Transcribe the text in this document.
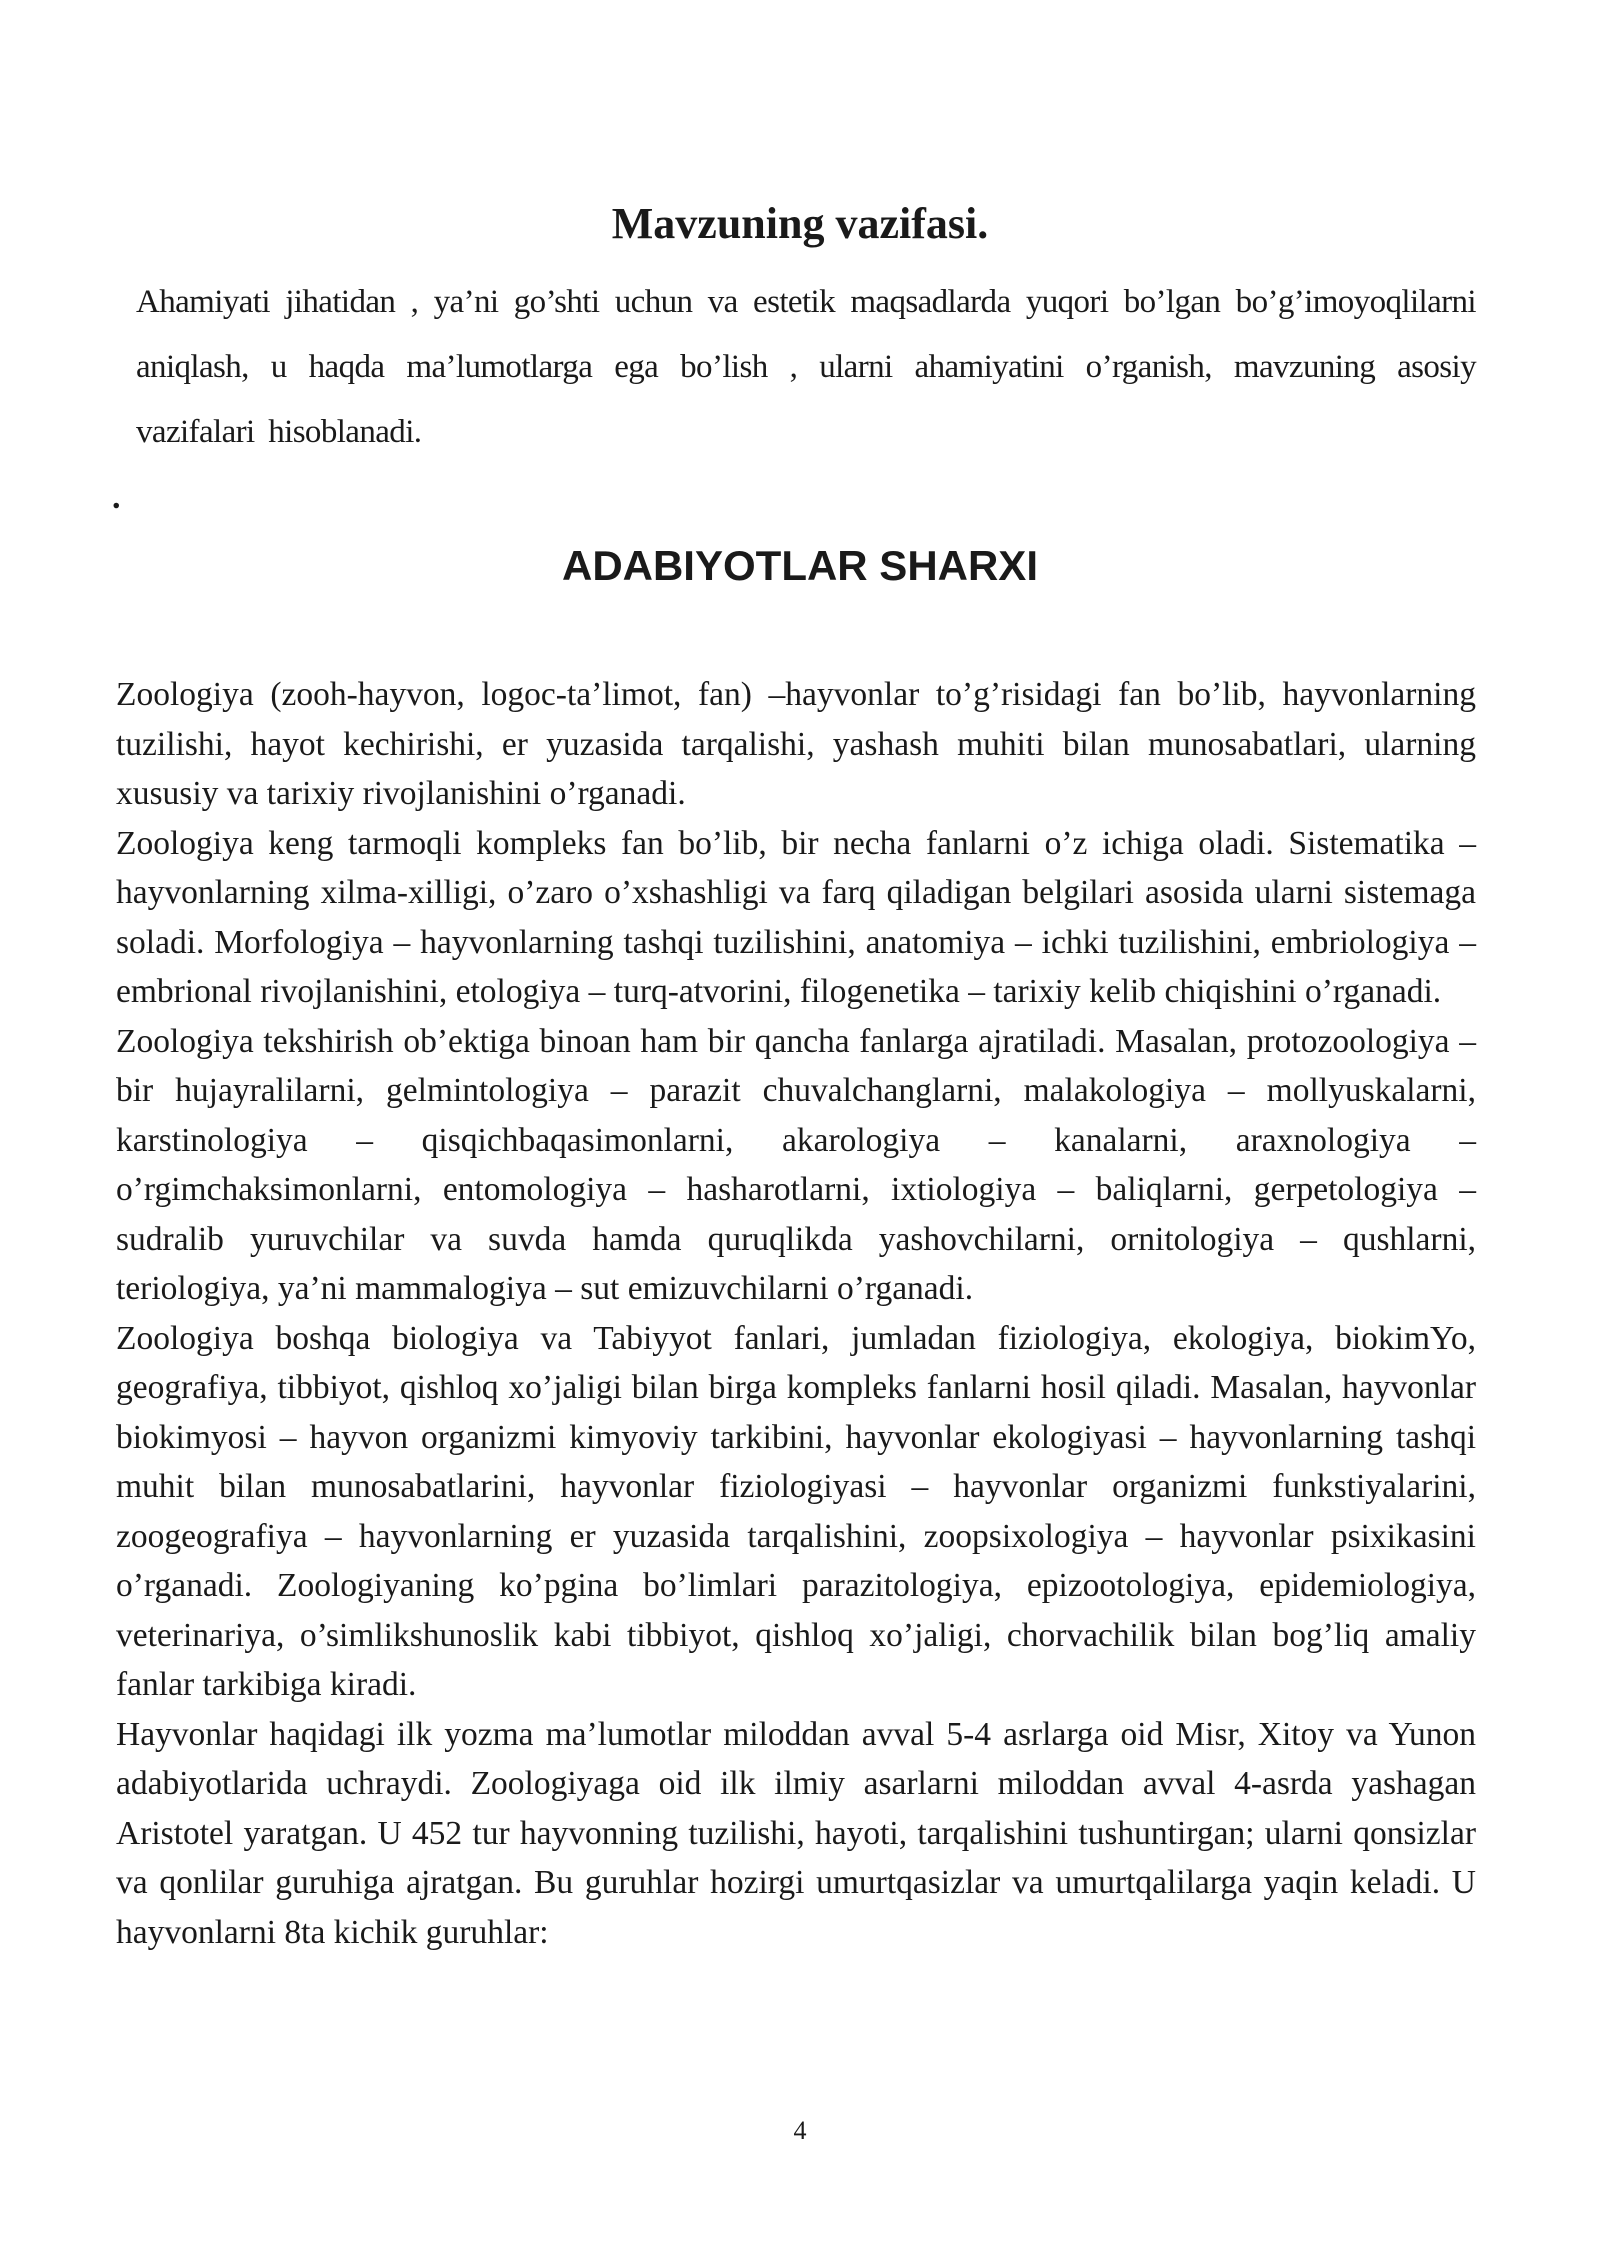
Mavzuning vazifasi.
Ahamiyati jihatidan , ya’ni go’shti uchun va estetik maqsadlarda yuqori bo’lgan bo’g’imoyoqlilarni aniqlash, u haqda ma’lumotlarga ega bo’lish , ularni ahamiyatini o’rganish, mavzuning asosiy vazifalari hisoblanadi.
.
ADABIYOTLAR SHARXI

Zoologiya (zooh-hayvon, logoc-ta’limot, fan) –hayvonlar to’g’risidagi fan bo’lib, hayvonlarning tuzilishi, hayot kechirishi, er yuzasida tarqalishi, yashash muhiti bilan munosabatlari, ularning xususiy va tarixiy rivojlanishini o’rganadi.

Zoologiya keng tarmoqli kompleks fan bo’lib, bir necha fanlarni o’z ichiga oladi. Sistematika – hayvonlarning xilma-xilligi, o’zaro o’xshashligi va farq qiladigan belgilari asosida ularni sistemaga soladi. Morfologiya – hayvonlarning tashqi tuzilishini, anatomiya – ichki tuzilishini, embriologiya – embrional rivojlanishini, etologiya – turq-atvorini, filogenetika – tarixiy kelib chiqishini o’rganadi.

Zoologiya tekshirish ob’ektiga binoan ham bir qancha fanlarga ajratiladi. Masalan, protozoologiya – bir hujayralilarni, gelmintologiya – parazit chuvalchanglarni, malakologiya – mollyuskalarni, karstinologiya – qisqichbaqasimonlarni, akarologiya – kanalarni, araxnologiya – o’rgimchaksimonlarni, entomologiya – hasharotlarni, ixtiologiya – baliqlarni, gerpetologiya – sudralib yuruvchilar va suvda hamda quruqlikda yashovchilarni, ornitologiya – qushlarni, teriologiya, ya’ni mammalogiya – sut emizuvchilarni o’rganadi.

Zoologiya boshqa biologiya va Tabiyyot fanlari, jumladan fiziologiya, ekologiya, biokimYo, geografiya, tibbiyot, qishloq xo’jaligi bilan birga kompleks fanlarni hosil qiladi. Masalan, hayvonlar biokimyosi – hayvon organizmi kimyoviy tarkibini, hayvonlar ekologiyasi – hayvonlarning tashqi muhit bilan munosabatlarini, hayvonlar fiziologiyasi – hayvonlar organizmi funkstiyalarini, zoogeografiya – hayvonlarning er yuzasida tarqalishini, zoopsixologiya – hayvonlar psixikasini o’rganadi. Zoologiyaning ko’pgina bo’limlari parazitologiya, epizootologiya, epidemiologiya, veterinariya, o’simlikshunoslik kabi tibbiyot, qishloq xo’jaligi, chorvachilik bilan bog’liq amaliy fanlar tarkibiga kiradi.

Hayvonlar haqidagi ilk yozma ma’lumotlar miloddan avval 5-4 asrlarga oid Misr, Xitoy va Yunon adabiyotlarida uchraydi. Zoologiyaga oid ilk ilmiy asarlarni miloddan avval 4-asrda yashagan Aristotel yaratgan. U 452 tur hayvonning tuzilishi, hayoti, tarqalishini tushuntirgan; ularni qonsizlar va qonlilar guruhiga ajratgan. Bu guruhlar hozirgi umurtqasizlar va umurtqalilarga yaqin keladi. U hayvonlarni 8ta kichik guruhlar:

4
